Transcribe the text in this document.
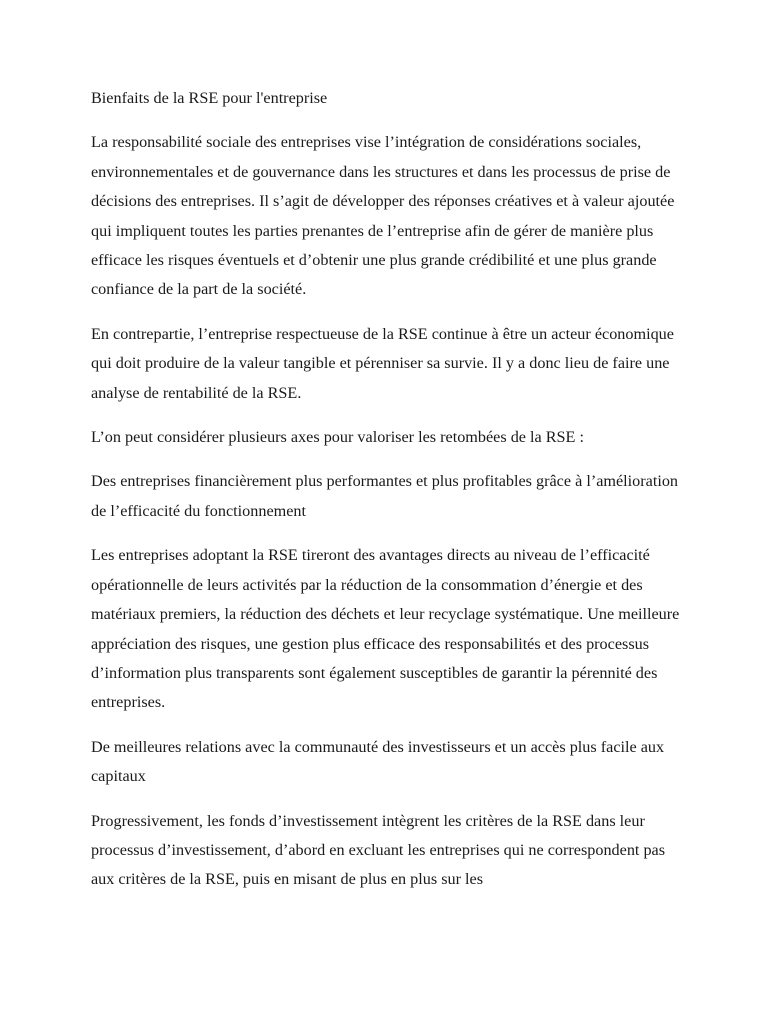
Bienfaits de la RSE pour l'entreprise

La responsabilité sociale des entreprises vise l’intégration de considérations sociales, environnementales et de gouvernance dans les structures et dans les processus de prise de décisions des entreprises. Il s’agit de développer des réponses créatives et à valeur ajoutée qui impliquent toutes les parties prenantes de l’entreprise afin de gérer de manière plus efficace les risques éventuels et d’obtenir une plus grande crédibilité et une plus grande confiance de la part de la société.

En contrepartie, l’entreprise respectueuse de la RSE continue à être un acteur économique qui doit produire de la valeur tangible et pérenniser sa survie. Il y a donc lieu de faire une analyse de rentabilité de la RSE.

L’on peut considérer plusieurs axes pour valoriser les retombées de la RSE :

Des entreprises financièrement plus performantes et plus profitables grâce à l’amélioration de l’efficacité du fonctionnement

Les entreprises adoptant la RSE tireront des avantages directs au niveau de l’efficacité opérationnelle de leurs activités par la réduction de la consommation d’énergie et des matériaux premiers, la réduction des déchets et leur recyclage systématique. Une meilleure appréciation des risques, une gestion plus efficace des responsabilités et des processus d’information plus transparents sont également susceptibles de garantir la pérennité des entreprises.

De meilleures relations avec la communauté des investisseurs et un accès plus facile aux capitaux

Progressivement, les fonds d’investissement intègrent les critères de la RSE dans leur processus d’investissement, d’abord en excluant les entreprises qui ne correspondent pas aux critères de la RSE, puis en misant de plus en plus sur les
